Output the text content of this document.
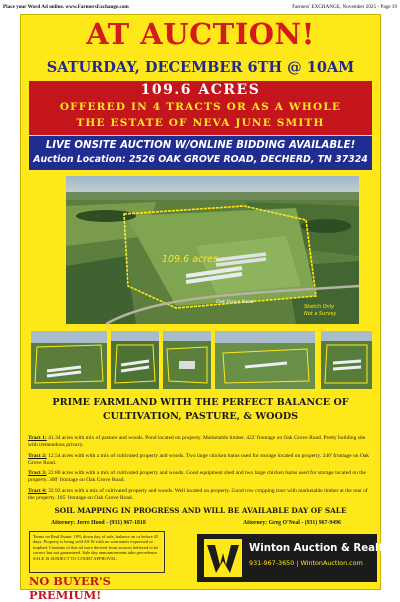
Place your Word Ad online. www.FarmersExchange.com	Farmers' EXCHANGE, November 2025 - Page 19
AT AUCTION!
SATURDAY, DECEMBER 6TH @ 10AM
109.6 ACRES
OFFERED IN 4 TRACTS OR AS A WHOLE
THE ESTATE OF NEVA JUNE SMITH
LIVE ONSITE AUCTION W/ONLINE BIDDING AVAILABLE!
Auction Location: 2526 OAK GROVE ROAD, DECHERD, TN 37324
109.6 acres
Oak Grove Road
Sketch Only
Not a Survey
PRIME FARMLAND WITH THE PERFECT BALANCE OF
CULTIVATION, PASTURE, & WOODS
Tract 1: 41.34 acres with mix of pasture and woods. Pond located on property. Marketable timber. 422' frontage on Oak Grove Road. Pretty building site with tremendous privacy.
Tract 2: 12.54 acres with with a mix of cultivated property and woods. Two large chicken barns used for storage located on property. 240' frontage on Oak Grove Road.
Tract 3: 22.80 acres with with a mix of cultivated property and woods. Good equipment shed and two large chicken barns used for storage located on the property. 300' frontage on Oak Grove Road.
Tract 4: 32.93 acres with a mix of cultivated property and woods. Well located on property. Good row cropping tract with marketable timber at the rear of the property. 185' frontage on Oak Grove Road.
SOIL MAPPING IN PROGRESS AND WILL BE AVAILABLE DAY OF SALE
Attorney: Jerre Hood - (931) 967-1818	Attorney: Greg O'Neal - (931) 967-9496
Terms on Real Estate: 10% down day of sale, balance on or before 45 days. Property is being sold AS IS with no warranties expressed or implied. Contents of this ad were derived from sources believed to be correct but not guaranteed. Sale day announcements take precedence. SALE IS SUBJECT TO COURT APPROVAL.
NO BUYER'S PREMIUM!
Winton Auction & Realty
931-967-3650 | WintonAuction.com
